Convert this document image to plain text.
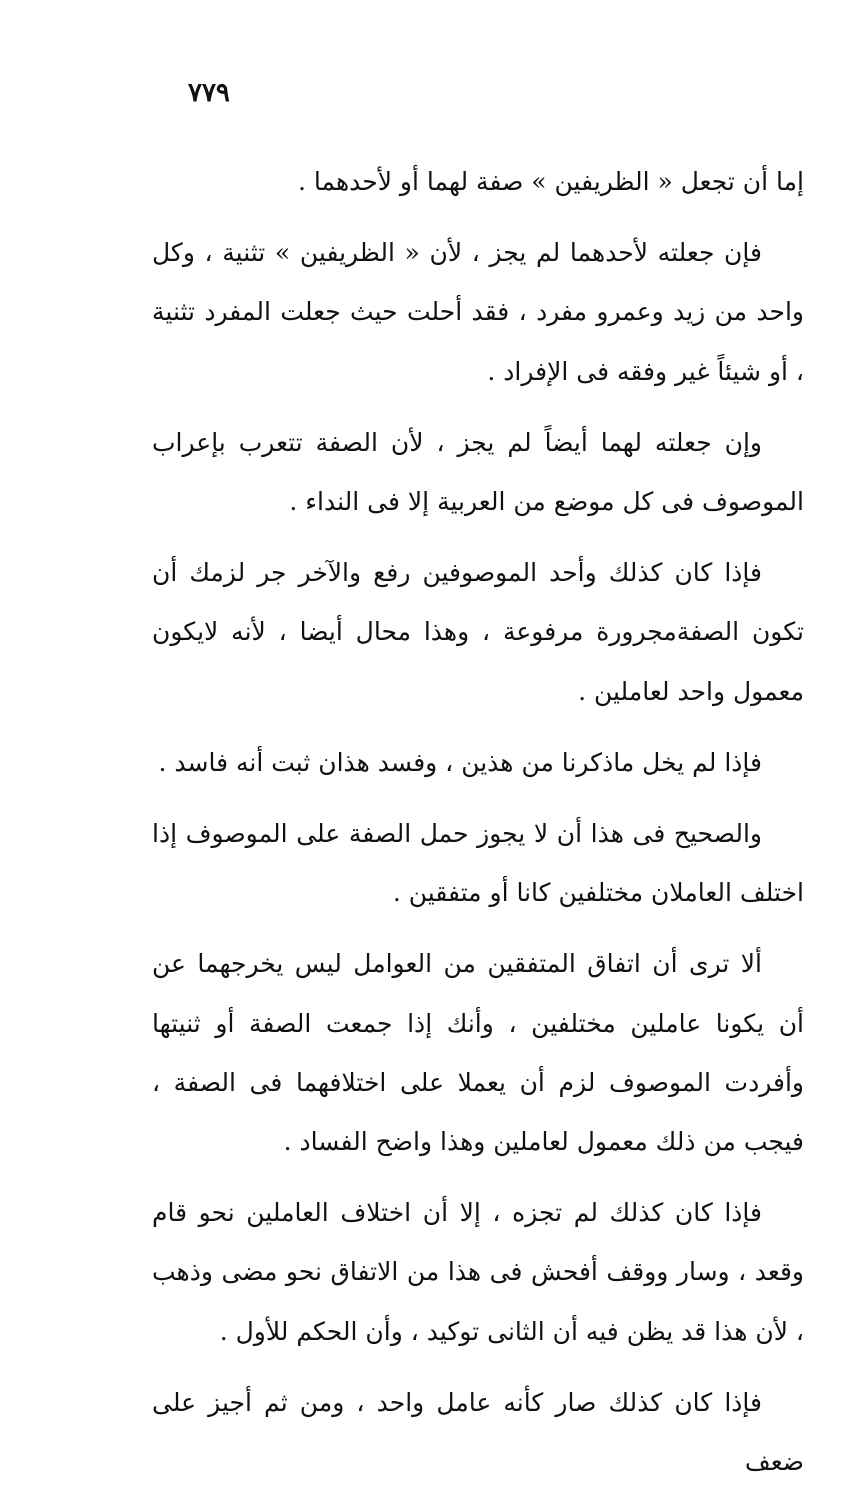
٧٧٩

إما أن تجعل « الظريفين » صفة لهما أو لأحدهما .

فإن جعلته لأحدهما لم يجز ، لأن « الظريفين » تثنية ، وكل واحد من زيد وعمرو مفرد ، فقد أحلت حيث جعلت المفرد تثنية ، أو شيئاً غير وفقه فى الإفراد .

وإن جعلته لهما أيضاً لم يجز ، لأن الصفة تتعرب بإعراب الموصوف فى كل موضع من العربية إلا فى النداء .

فإذا كان كذلك وأحد الموصوفين رفع والآخر جر لزمك أن تكون الصفةمجرورة مرفوعة ، وهذا محال أيضا ، لأنه لايكون معمول واحد لعاملين .

فإذا لم يخل ماذكرنا من هذين ، وفسد هذان ثبت أنه فاسد .

والصحيح فى هذا أن لا يجوز حمل الصفة على الموصوف إذا اختلف العاملان مختلفين كانا أو متفقين .

ألا ترى أن اتفاق المتفقين من العوامل ليس يخرجهما عن أن يكونا عاملين مختلفين ، وأنك إذا جمعت الصفة أو ثنيتها وأفردت الموصوف لزم أن يعملا على اختلافهما فى الصفة ، فيجب من ذلك معمول لعاملين وهذا واضح الفساد .

فإذا كان كذلك لم تجزه ، إلا أن اختلاف العاملين نحو قام وقعد ، وسار ووقف أفحش فى هذا من الاتفاق نحو مضى وذهب ، لأن هذا قد يظن فيه أن الثانى توكيد ، وأن الحكم للأول .

فإذا كان كذلك صار كأنه عامل واحد ، ومن ثم أجيز على ضعف
